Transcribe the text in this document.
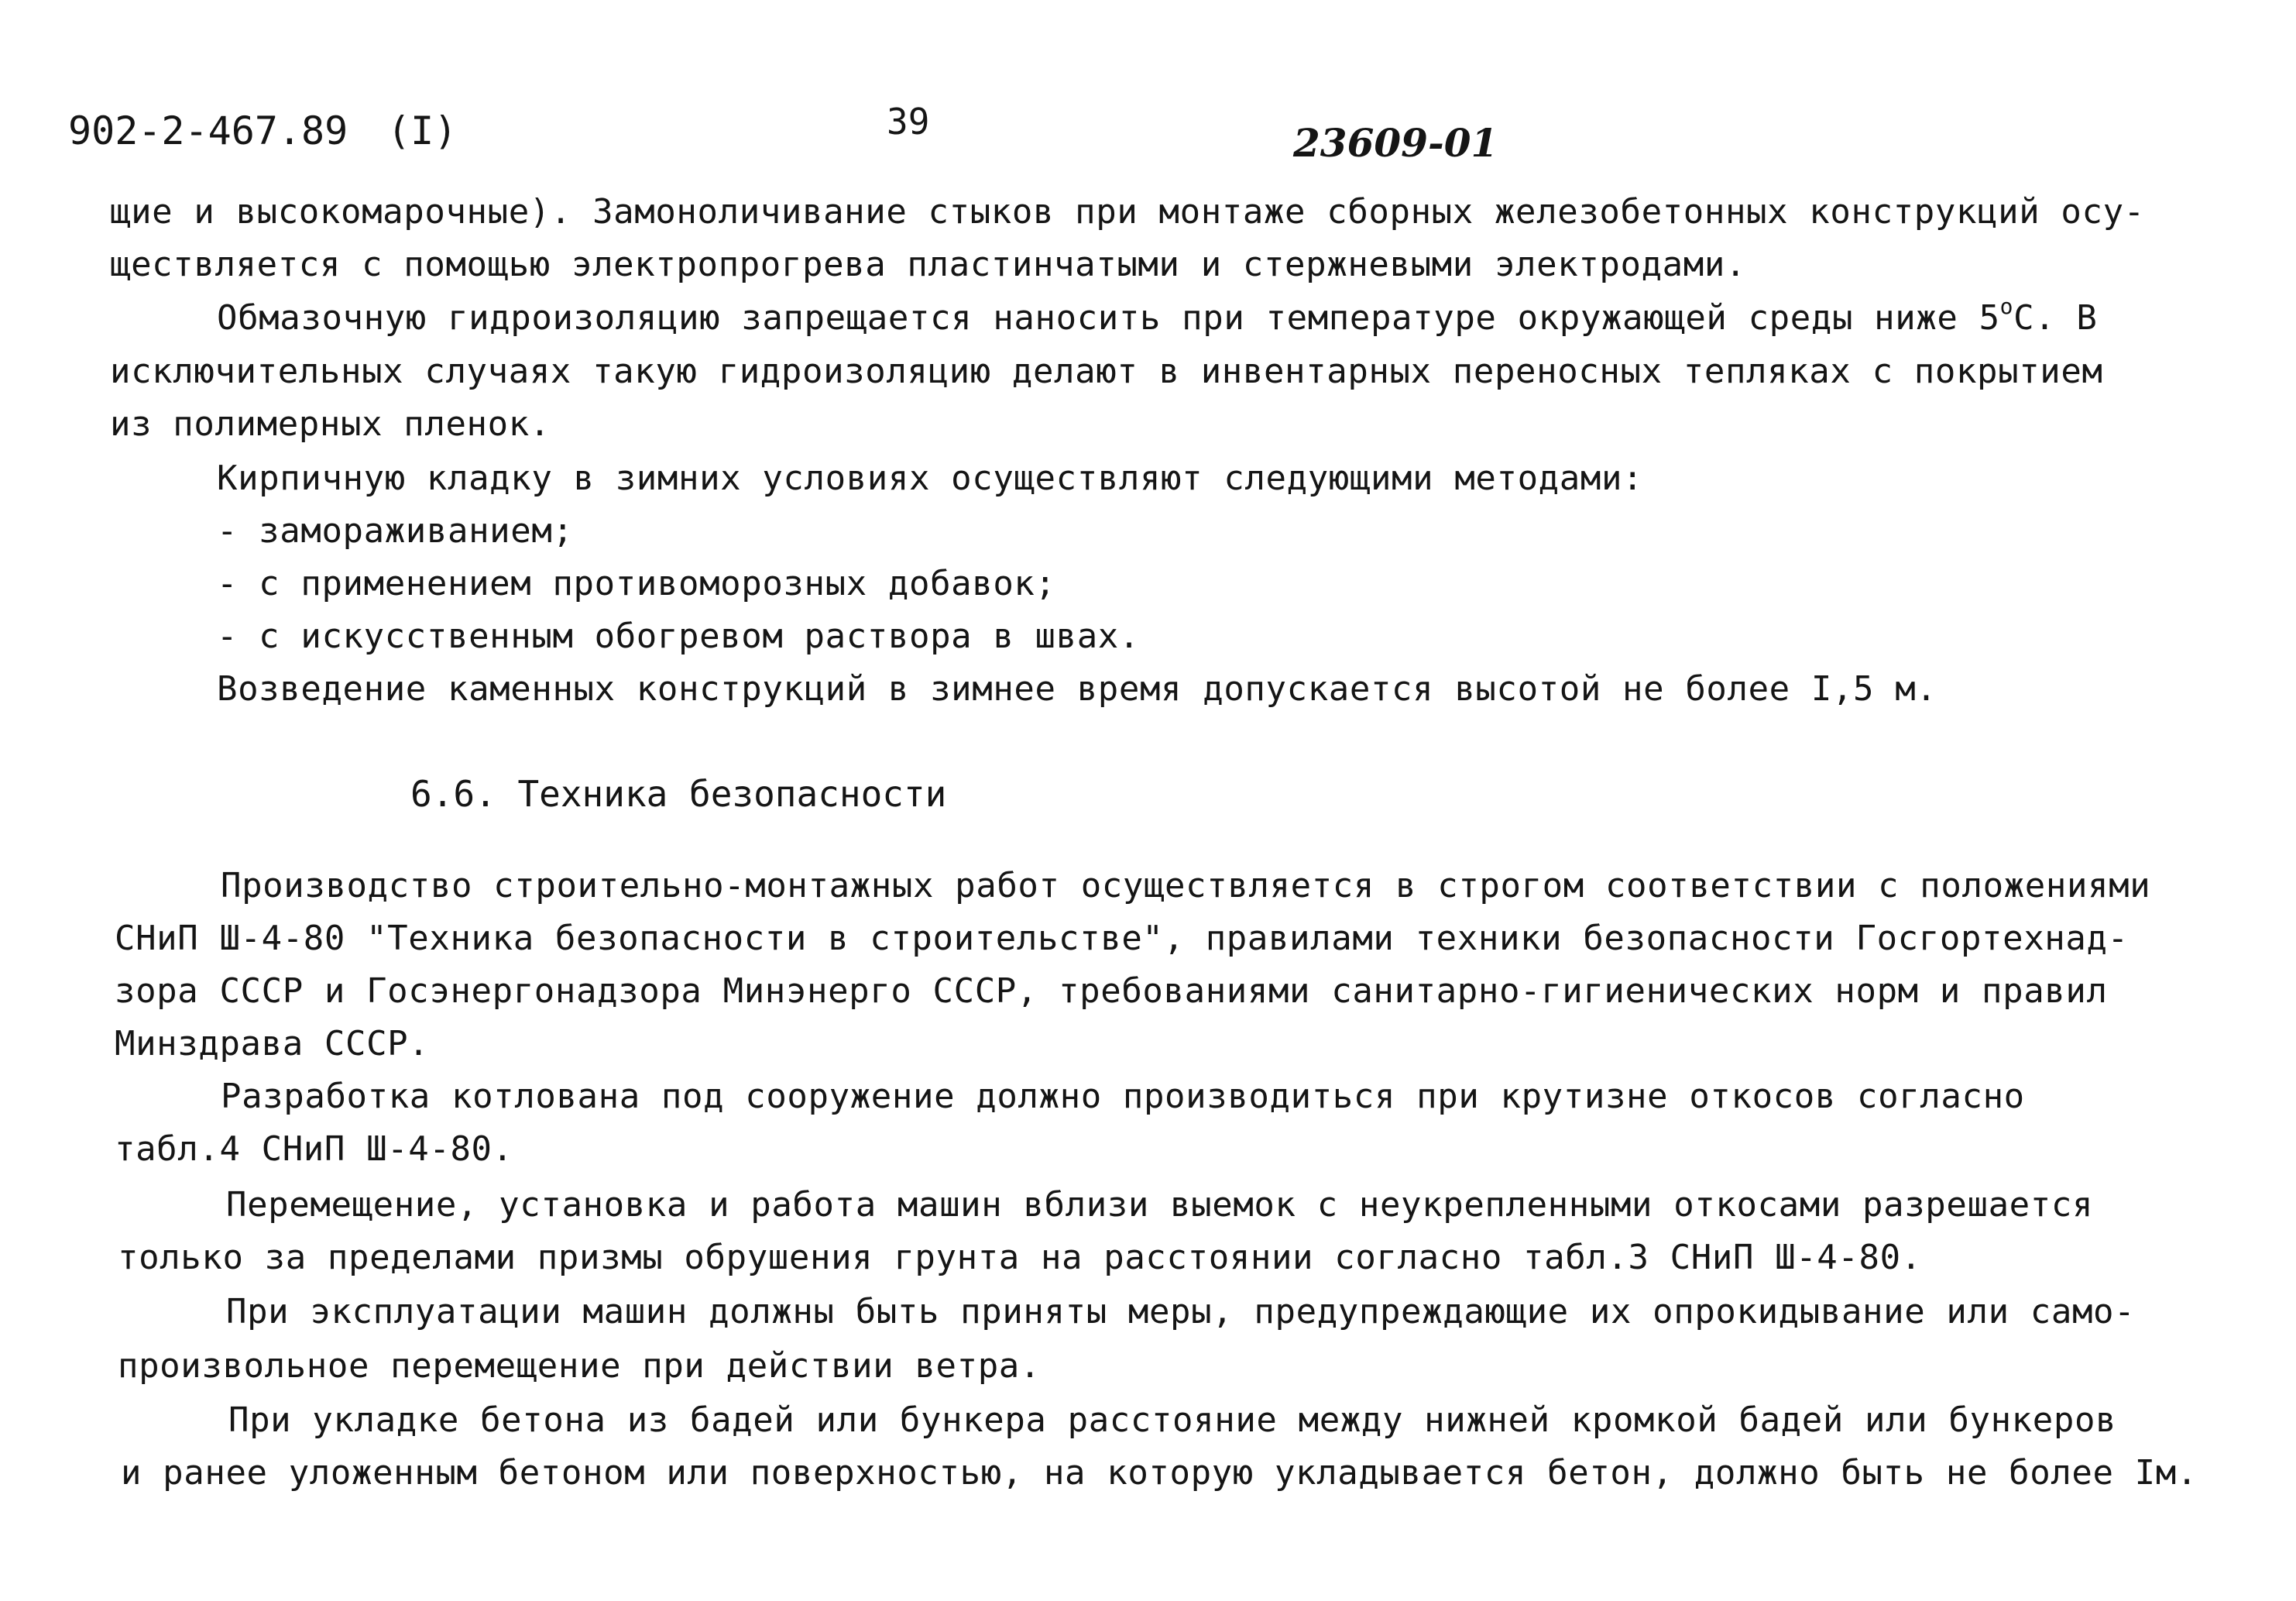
902-2-467.89 (I)	39	23609-01
щие и высокомарочные). Замоноличивание стыков при монтаже сборных железобетонных конструкций осу-
ществляется с помощью электропрогрева пластинчатыми и стержневыми электродами.
Обмазочную гидроизоляцию запрещается наносить при температуре окружающей среды ниже 5$^o$С. В
исключительных случаях такую гидроизоляцию делают в инвентарных переносных тепляках с покрытием
из полимерных пленок.
Кирпичную кладку в зимних условиях осуществляют следующими методами:
- замораживанием;
- с применением противоморозных добавок;
- с искусственным обогревом раствора в швах.
Возведение каменных конструкций в зимнее время допускается высотой не более I,5 м.
6.6. Техника безопасности
Производство строительно-монтажных работ осуществляется в строгом соответствии с положениями
СНиП Ш-4-80 "Техника безопасности в строительстве", правилами техники безопасности Госгортехнад-
зора СССР и Госэнергонадзора Минэнерго СССР, требованиями санитарно-гигиенических норм и правил
Минздрава СССР.
Разработка котлована под сооружение должно производиться при крутизне откосов согласно
табл.4 СНиП Ш-4-80.
Перемещение, установка и работа машин вблизи выемок с неукрепленными откосами разрешается
только за пределами призмы обрушения грунта на расстоянии согласно табл.3 СНиП Ш-4-80.
При эксплуатации машин должны быть приняты меры, предупреждающие их опрокидывание или само-
произвольное перемещение при действии ветра.
При укладке бетона из бадей или бункера расстояние между нижней кромкой бадей или бункеров
и ранее уложенным бетоном или поверхностью, на которую укладывается бетон, должно быть не более Iм.
